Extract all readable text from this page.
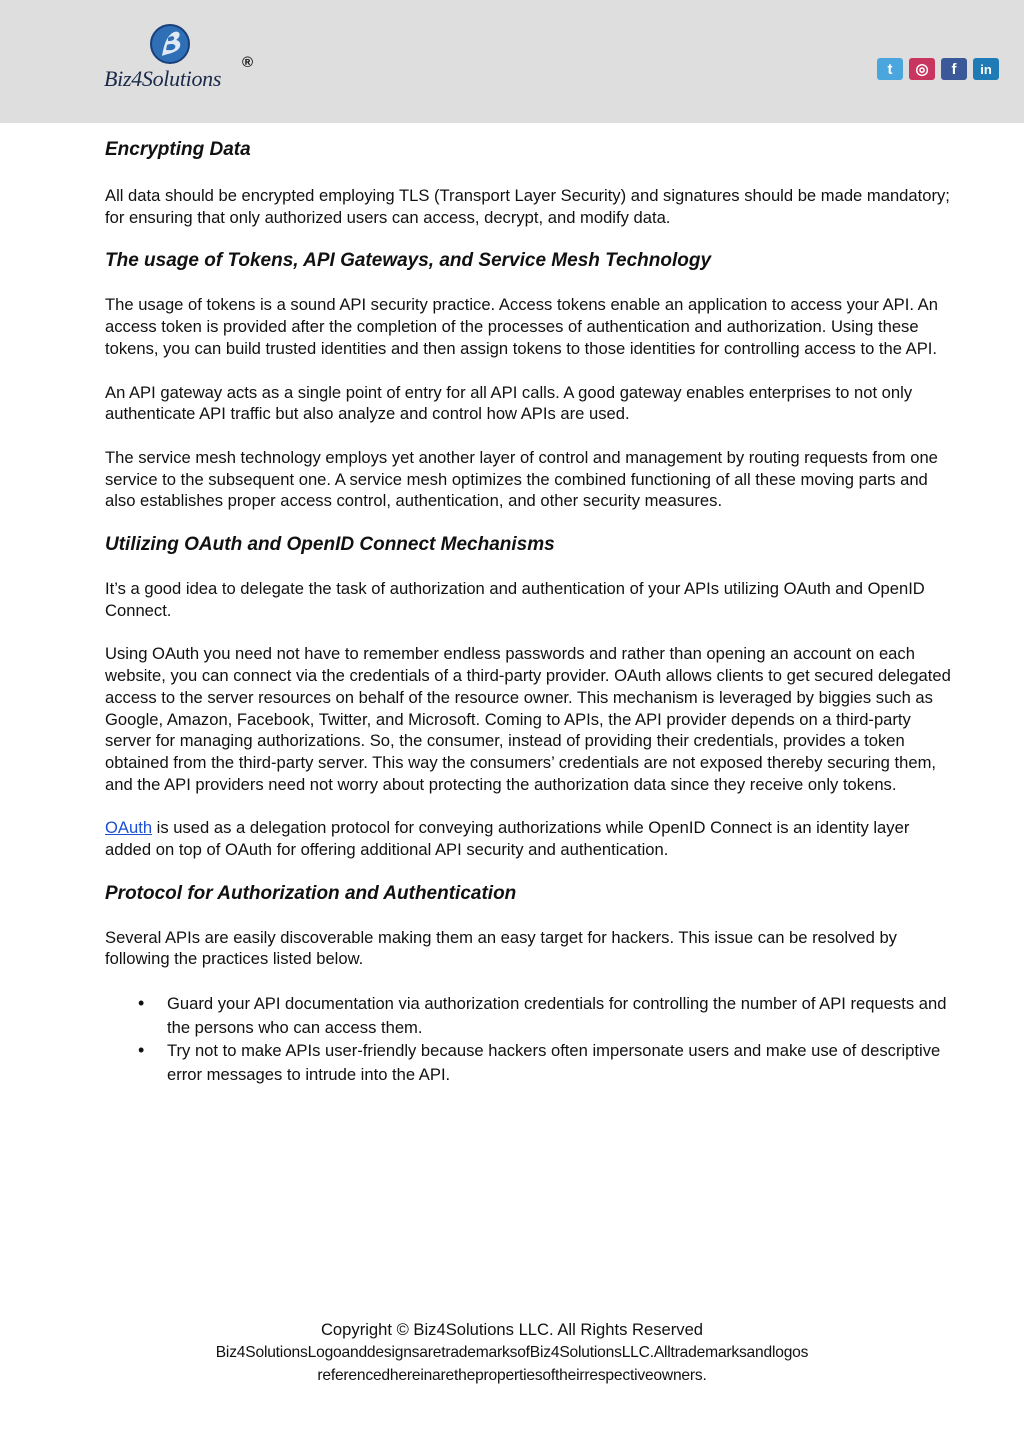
Biz4Solutions
®	t	◎	f	in
Encrypting Data

All data should be encrypted employing TLS (Transport Layer Security) and signatures should be made mandatory; for ensuring that only authorized users can access, decrypt, and modify data.

The usage of Tokens, API Gateways, and Service Mesh Technology

The usage of tokens is a sound API security practice. Access tokens enable an application to access your API. An access token is provided after the completion of the processes of authentication and authorization. Using these tokens, you can build trusted identities and then assign tokens to those identities for controlling access to the API.

An API gateway acts as a single point of entry for all API calls. A good gateway enables enterprises to not only authenticate API traffic but also analyze and control how APIs are used.

The service mesh technology employs yet another layer of control and management by routing requests from one service to the subsequent one. A service mesh optimizes the combined functioning of all these moving parts and also establishes proper access control, authentication, and other security measures.

Utilizing OAuth and OpenID Connect Mechanisms

It’s a good idea to delegate the task of authorization and authentication of your APIs utilizing OAuth and OpenID Connect.

Using OAuth you need not have to remember endless passwords and rather than opening an account on each website, you can connect via the credentials of a third-party provider. OAuth allows clients to get secured delegated access to the server resources on behalf of the resource owner. This mechanism is leveraged by biggies such as Google, Amazon, Facebook, Twitter, and Microsoft. Coming to APIs, the API provider depends on a third-party server for managing authorizations. So, the consumer, instead of providing their credentials, provides a token obtained from the third-party server. This way the consumers’ credentials are not exposed thereby securing them, and the API providers need not worry about protecting the authorization data since they receive only tokens.

OAuth is used as a delegation protocol for conveying authorizations while OpenID Connect is an identity layer added on top of OAuth for offering additional API security and authentication.

Protocol for Authorization and Authentication

Several APIs are easily discoverable making them an easy target for hackers. This issue can be resolved by following the practices listed below.

• Guard your API documentation via authorization credentials for controlling the number of API requests and the persons who can access them.
• Try not to make APIs user-friendly because hackers often impersonate users and make use of descriptive error messages to intrude into the API.
Copyright © Biz4Solutions LLC. All Rights Reserved
Biz4SolutionsLogoanddesignsaretrademarksofBiz4SolutionsLLC.Alltrademarksandlogos
referencedhereinarethepropertiesoftheirrespectiveowners.
